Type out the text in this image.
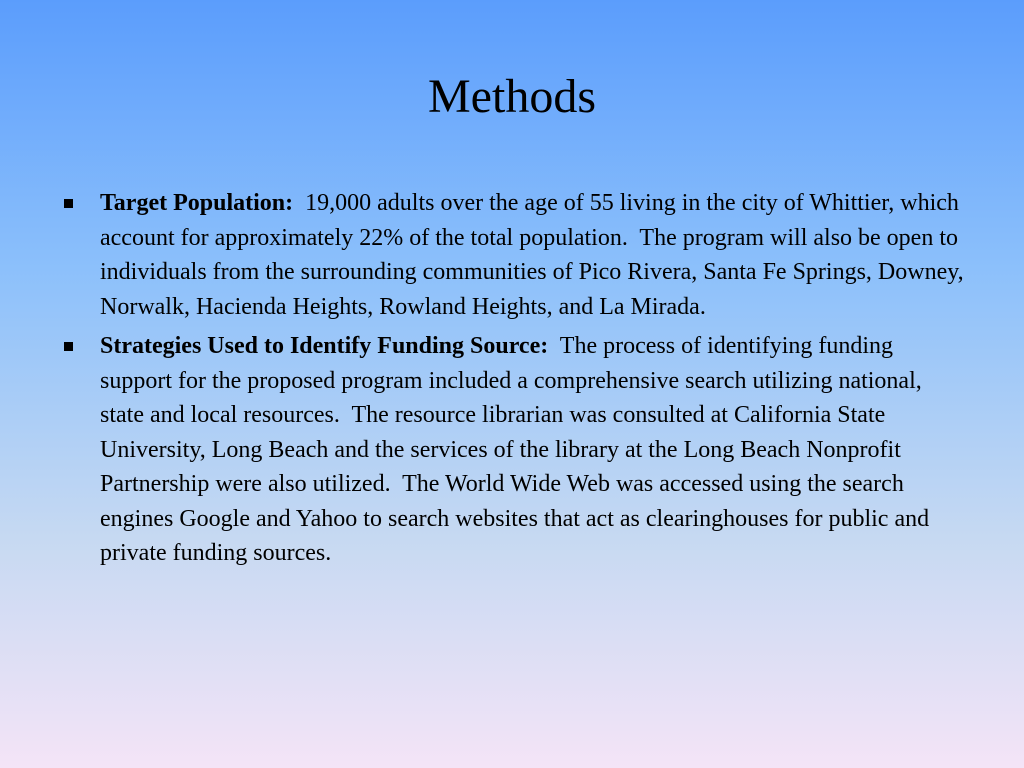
Methods
Target Population:  19,000 adults over the age of 55 living in the city of Whittier, which account for approximately 22% of the total population.  The program will also be open to individuals from the surrounding communities of Pico Rivera, Santa Fe Springs, Downey, Norwalk, Hacienda Heights, Rowland Heights, and La Mirada.
Strategies Used to Identify Funding Source:  The process of identifying funding support for the proposed program included a comprehensive search utilizing national, state and local resources.  The resource librarian was consulted at California State University, Long Beach and the services of the library at the Long Beach Nonprofit Partnership were also utilized.  The World Wide Web was accessed using the search engines Google and Yahoo to search websites that act as clearinghouses for public and private funding sources.
